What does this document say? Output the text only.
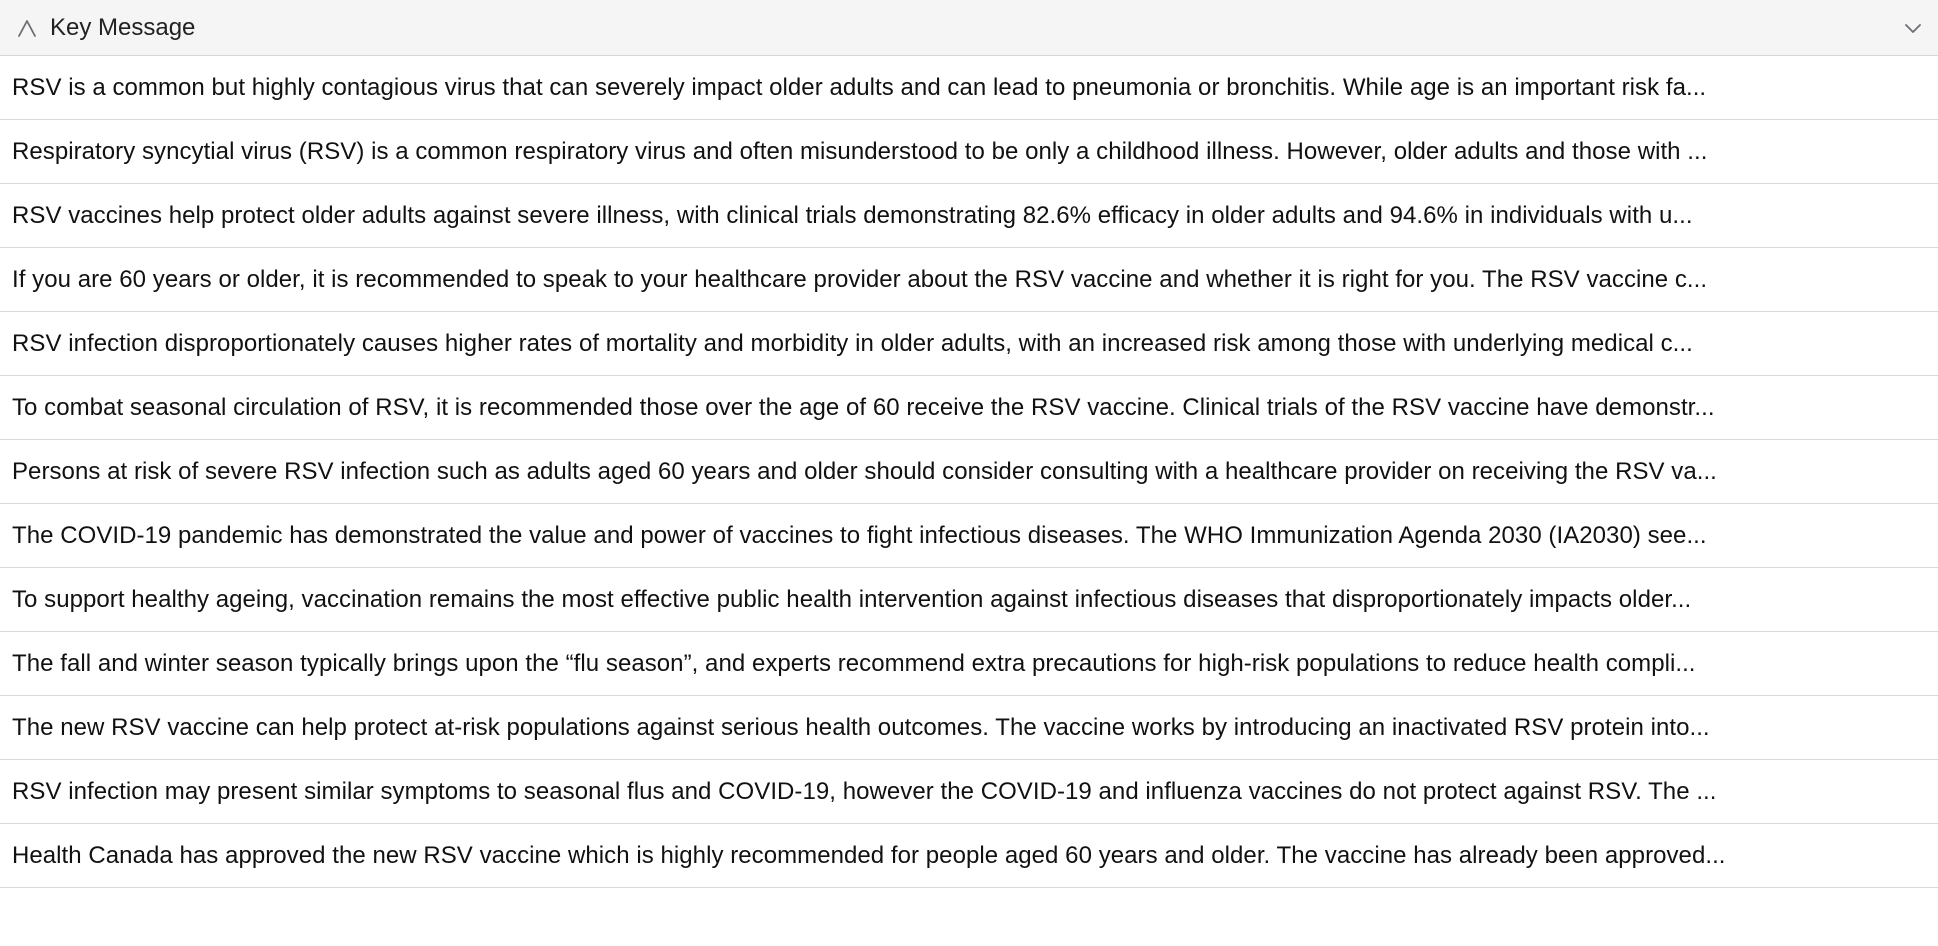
Key Message
RSV is a common but highly contagious virus that can severely impact older adults and can lead to pneumonia or bronchitis. While age is an important risk fa...
Respiratory syncytial virus (RSV) is a common respiratory virus and often misunderstood to be only a childhood illness. However, older adults and those with ...
RSV vaccines help protect older adults against severe illness, with clinical trials demonstrating 82.6% efficacy in older adults and 94.6% in individuals with u...
If you are 60 years or older, it is recommended to speak to your healthcare provider about the RSV vaccine and whether it is right for you. The RSV vaccine c...
RSV infection disproportionately causes higher rates of mortality and morbidity in older adults, with an increased risk among those with underlying medical c...
To combat seasonal circulation of RSV, it is recommended those over the age of 60 receive the RSV vaccine. Clinical trials of the RSV vaccine have demonstr...
Persons at risk of severe RSV infection such as adults aged 60 years and older should consider consulting with a healthcare provider on receiving the RSV va...
The COVID-19 pandemic has demonstrated the value and power of vaccines to fight infectious diseases. The WHO Immunization Agenda 2030 (IA2030) see...
To support healthy ageing, vaccination remains the most effective public health intervention against infectious diseases that disproportionately impacts older...
The fall and winter season typically brings upon the “flu season”, and experts recommend extra precautions for high-risk populations to reduce health compli...
The new RSV vaccine can help protect at-risk populations against serious health outcomes. The vaccine works by introducing an inactivated RSV protein into...
RSV infection may present similar symptoms to seasonal flus and COVID-19, however the COVID-19 and influenza vaccines do not protect against RSV. The ...
Health Canada has approved the new RSV vaccine which is highly recommended for people aged 60 years and older. The vaccine has already been approved...
